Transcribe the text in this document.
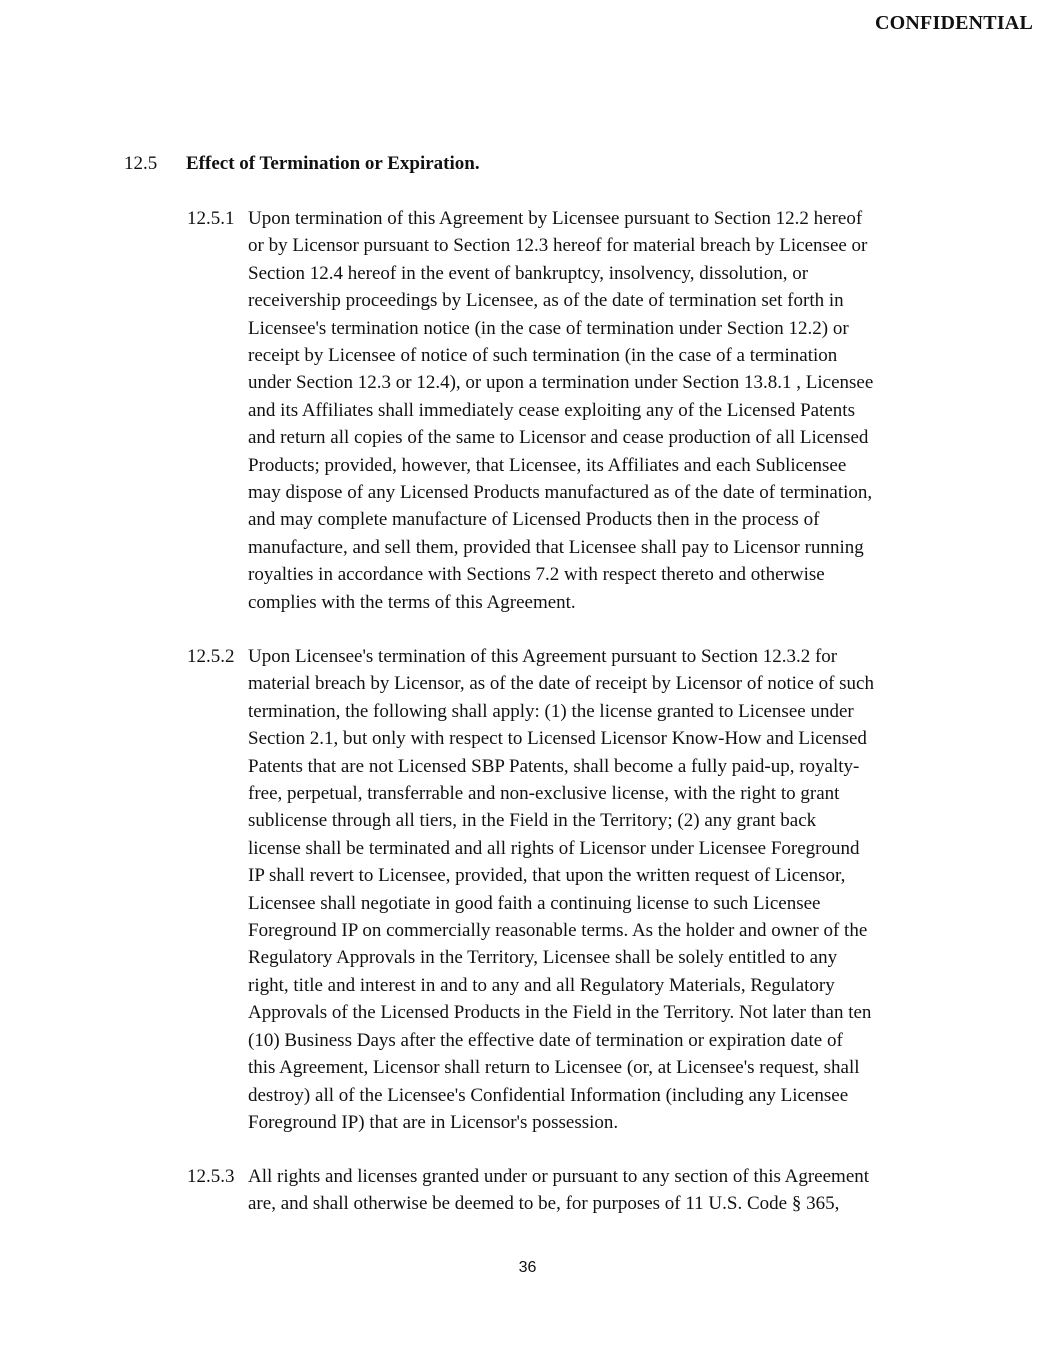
CONFIDENTIAL
12.5	Effect of Termination or Expiration.
12.5.1 Upon termination of this Agreement by Licensee pursuant to Section 12.2 hereof
or by Licensor pursuant to Section 12.3 hereof for material breach by Licensee or
Section 12.4 hereof in the event of bankruptcy, insolvency, dissolution, or
receivership proceedings by Licensee, as of the date of termination set forth in
Licensee's termination notice (in the case of termination under Section 12.2) or
receipt by Licensee of notice of such termination (in the case of a termination
under Section 12.3 or 12.4), or upon a termination under Section 13.8.1 , Licensee
and its Affiliates shall immediately cease exploiting any of the Licensed Patents
and return all copies of the same to Licensor and cease production of all Licensed
Products; provided, however, that Licensee, its Affiliates and each Sublicensee
may dispose of any Licensed Products manufactured as of the date of termination,
and may complete manufacture of Licensed Products then in the process of
manufacture, and sell them, provided that Licensee shall pay to Licensor running
royalties in accordance with Sections 7.2 with respect thereto and otherwise
complies with the terms of this Agreement.

12.5.2 Upon Licensee's termination of this Agreement pursuant to Section 12.3.2 for
material breach by Licensor, as of the date of receipt by Licensor of notice of such
termination, the following shall apply: (1) the license granted to Licensee under
Section 2.1, but only with respect to Licensed Licensor Know-How and Licensed
Patents that are not Licensed SBP Patents, shall become a fully paid-up, royalty-
free, perpetual, transferrable and non-exclusive license, with the right to grant
sublicense through all tiers, in the Field in the Territory; (2) any grant back
license shall be terminated and all rights of Licensor under Licensee Foreground
IP shall revert to Licensee, provided, that upon the written request of Licensor,
Licensee shall negotiate in good faith a continuing license to such Licensee
Foreground IP on commercially reasonable terms. As the holder and owner of the
Regulatory Approvals in the Territory, Licensee shall be solely entitled to any
right, title and interest in and to any and all Regulatory Materials, Regulatory
Approvals of the Licensed Products in the Field in the Territory. Not later than ten
(10) Business Days after the effective date of termination or expiration date of
this Agreement, Licensor shall return to Licensee (or, at Licensee's request, shall
destroy) all of the Licensee's Confidential Information (including any Licensee
Foreground IP) that are in Licensor's possession.

12.5.3 All rights and licenses granted under or pursuant to any section of this Agreement
are, and shall otherwise be deemed to be, for purposes of 11 U.S. Code § 365,

36
